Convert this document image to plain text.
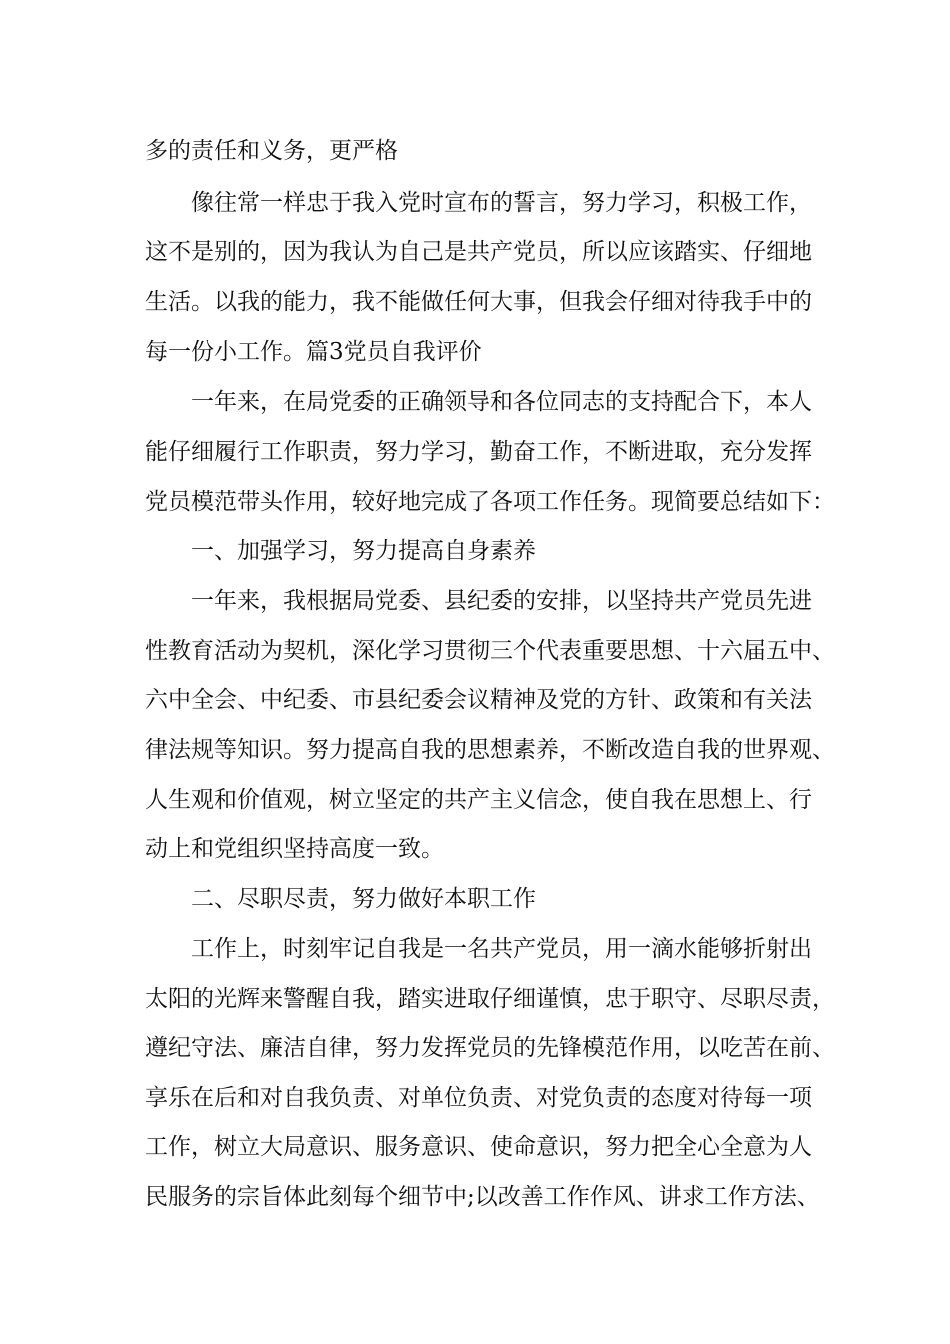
多的责任和义务，更严格

像往常一样忠于我入党时宣布的誓言，努力学习，积极工作，

这不是别的，因为我认为自己是共产党员，所以应该踏实、仔细地

生活。以我的能力，我不能做任何大事，但我会仔细对待我手中的

每一份小工作。篇3党员自我评价

一年来，在局党委的正确领导和各位同志的支持配合下，本人

能仔细履行工作职责，努力学习，勤奋工作，不断进取，充分发挥

党员模范带头作用，较好地完成了各项工作任务。现简要总结如下：

一、加强学习，努力提高自身素养

一年来，我根据局党委、县纪委的安排，以坚持共产党员先进

性教育活动为契机，深化学习贯彻三个代表重要思想、十六届五中、

六中全会、中纪委、市县纪委会议精神及党的方针、政策和有关法

律法规等知识。努力提高自我的思想素养，不断改造自我的世界观、

人生观和价值观，树立坚定的共产主义信念，使自我在思想上、行

动上和党组织坚持高度一致。

二、尽职尽责，努力做好本职工作

工作上，时刻牢记自我是一名共产党员，用一滴水能够折射出

太阳的光辉来警醒自我，踏实进取仔细谨慎，忠于职守、尽职尽责，

遵纪守法、廉洁自律，努力发挥党员的先锋模范作用，以吃苦在前、

享乐在后和对自我负责、对单位负责、对党负责的态度对待每一项

工作，树立大局意识、服务意识、使命意识，努力把全心全意为人

民服务的宗旨体此刻每个细节中;以改善工作作风、讲求工作方法、
